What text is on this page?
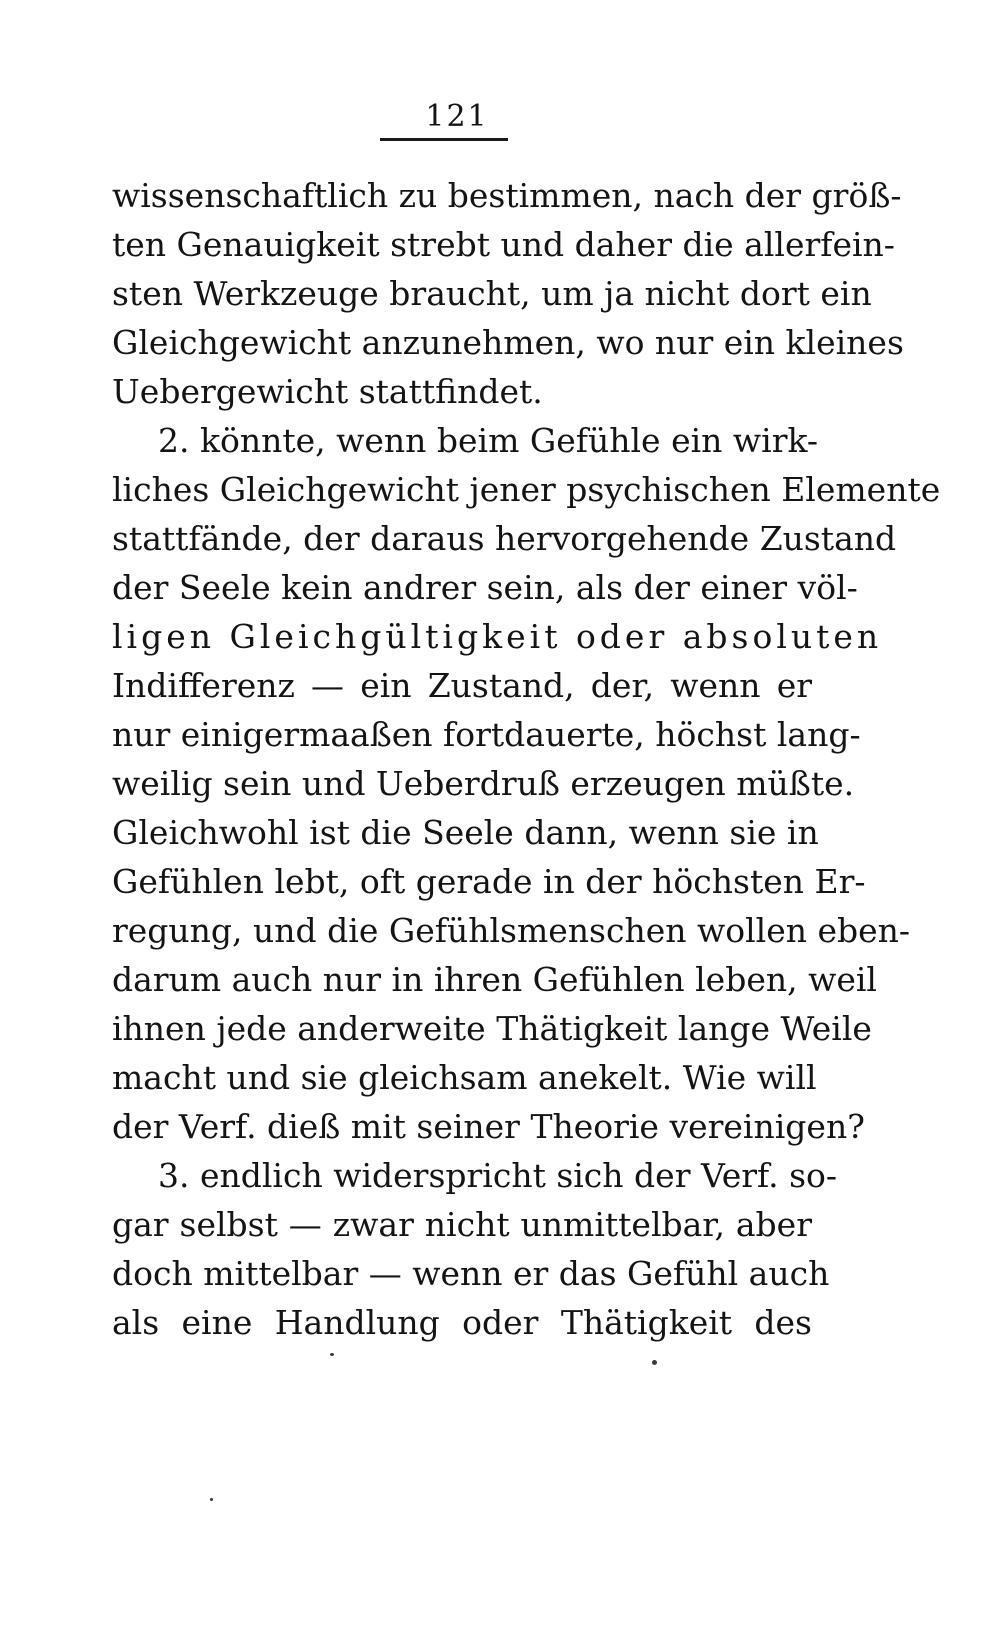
121
wissenschaftlich zu bestimmen, nach der größ-
ten Genauigkeit strebt und daher die allerfein-
sten Werkzeuge braucht, um ja nicht dort ein
Gleichgewicht anzunehmen, wo nur ein kleines
Uebergewicht stattfindet.
2. könnte, wenn beim Gefühle ein wirk-
liches Gleichgewicht jener psychischen Elemente
stattfände, der daraus hervorgehende Zustand
der Seele kein andrer sein, als der einer völ-
ligen Gleichgültigkeit oder absoluten
Indifferenz — ein Zustand, der, wenn er
nur einigermaaßen fortdauerte, höchst lang-
weilig sein und Ueberdruß erzeugen müßte.
Gleichwohl ist die Seele dann, wenn sie in
Gefühlen lebt, oft gerade in der höchsten Er-
regung, und die Gefühlsmenschen wollen eben-
darum auch nur in ihren Gefühlen leben, weil
ihnen jede anderweite Thätigkeit lange Weile
macht und sie gleichsam anekelt. Wie will
der Verf. dieß mit seiner Theorie vereinigen?
3. endlich widerspricht sich der Verf. so-
gar selbst — zwar nicht unmittelbar, aber
doch mittelbar — wenn er das Gefühl auch
als eine Handlung oder Thätigkeit des
